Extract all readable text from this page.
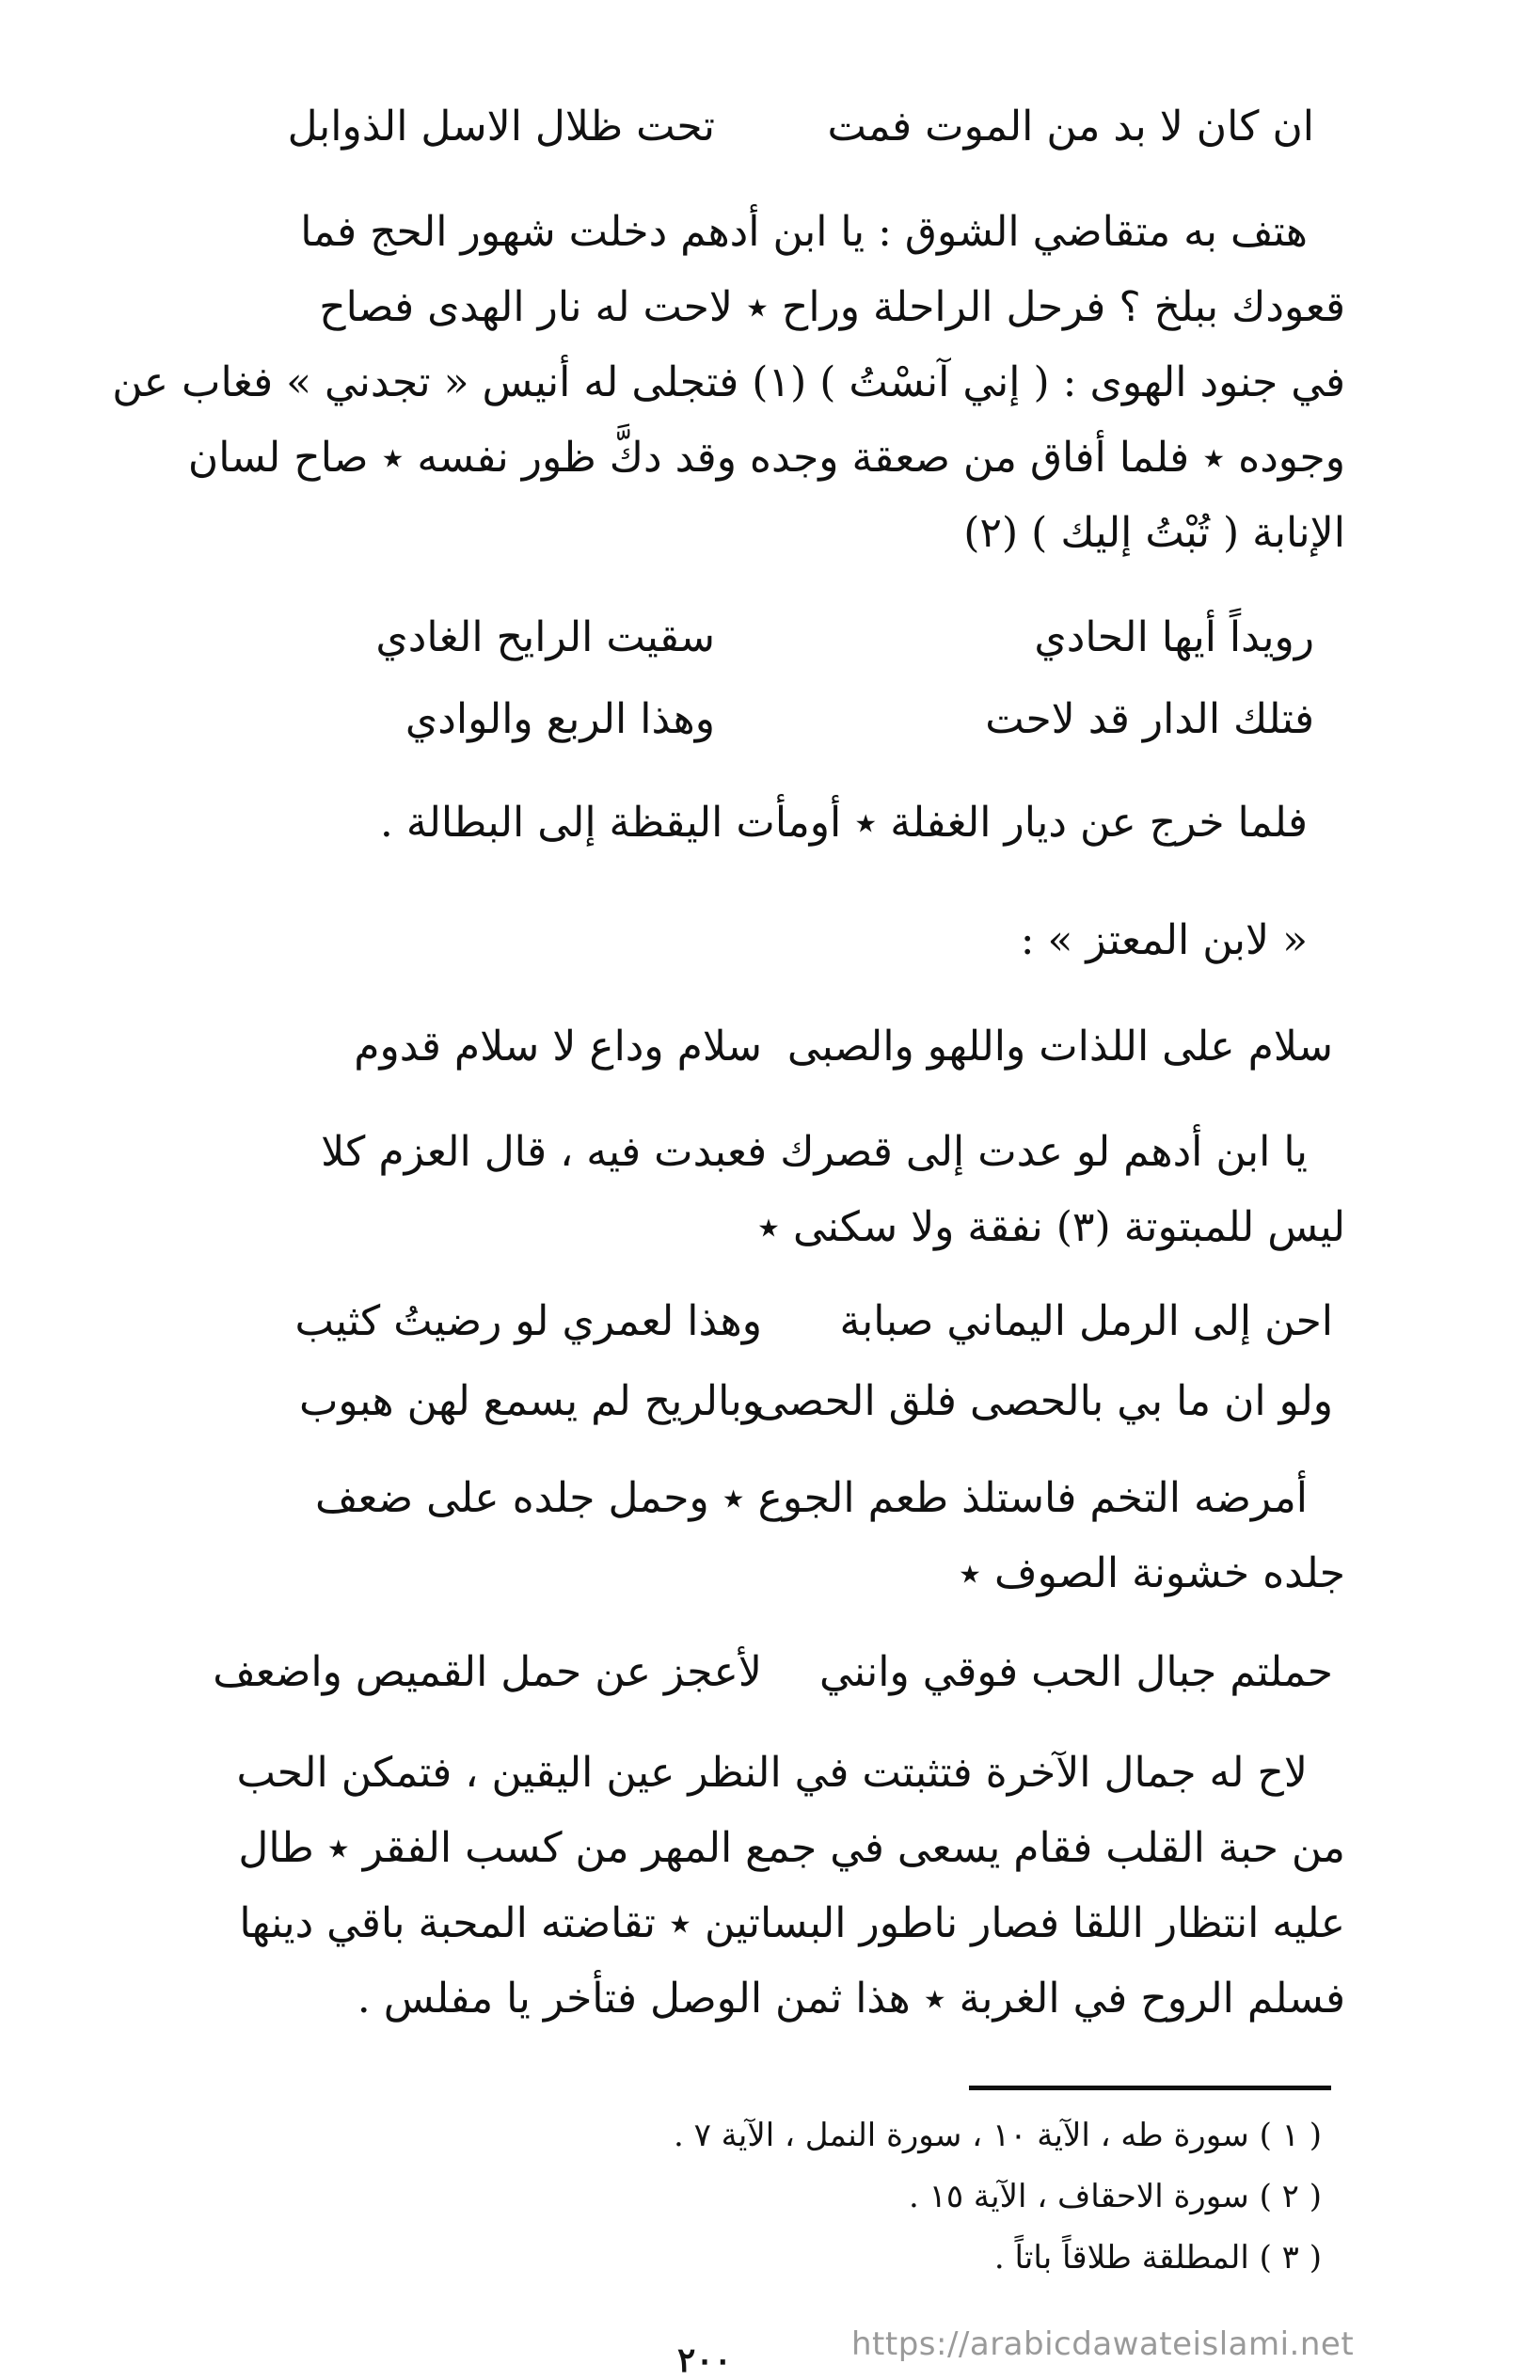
ان كان لا بد من الموت فمت
تحت ظلال الاسل الذوابل
هتف به متقاضي الشوق : يا ابن أدهم دخلت شهور الحج فما
قعودك ببلخ ؟ فرحل الراحلة وراح ٭ لاحت له نار الهدى فصاح
في جنود الهوى : ( إني آنسْتُ ) (١) فتجلى له أنيس « تجدني » فغاب عن
وجوده ٭ فلما أفاق من صعقة وجده وقد دكَّ ظور نفسه ٭ صاح لسان
الإنابة ( تُبْتُ إليك ) (٢)
رويداً أيها الحادي
سقيت الرايح الغادي
فتلك الدار قد لاحت
وهذا الربع والوادي
فلما خرج عن ديار الغفلة ٭ أومأت اليقظة إلى البطالة .
« لابن المعتز » :
سلام على اللذات واللهو والصبى
سلام وداع لا سلام قدوم
يا ابن أدهم لو عدت إلى قصرك فعبدت فيه ، قال العزم كلا
ليس للمبتوتة (٣) نفقة ولا سكنى ٭
احن إلى الرمل اليماني صبابة
وهذا لعمري لو رضيتُ كثيب
ولو ان ما بي بالحصى فلق الحصى
وبالريح لم يسمع لهن هبوب
أمرضه التخم فاستلذ طعم الجوع ٭ وحمل جلده على ضعف
جلده خشونة الصوف ٭
حملتم جبال الحب فوقي وانني
لأعجز عن حمل القميص واضعف
لاح له جمال الآخرة فتثبتت في النظر عين اليقين ، فتمكن الحب
من حبة القلب فقام يسعى في جمع المهر من كسب الفقر ٭ طال
عليه انتظار اللقا فصار ناطور البساتين ٭ تقاضته المحبة باقي دينها
فسلم الروح في الغربة ٭ هذا ثمن الوصل فتأخر يا مفلس .
( ١ ) سورة طه ، الآية ١٠ ، سورة النمل ، الآية ٧ .
( ٢ ) سورة الاحقاف ، الآية ١٥ .
( ٣ ) المطلقة طلاقاً باتاً .
٢٠٠	https://arabicdawateislami.net
